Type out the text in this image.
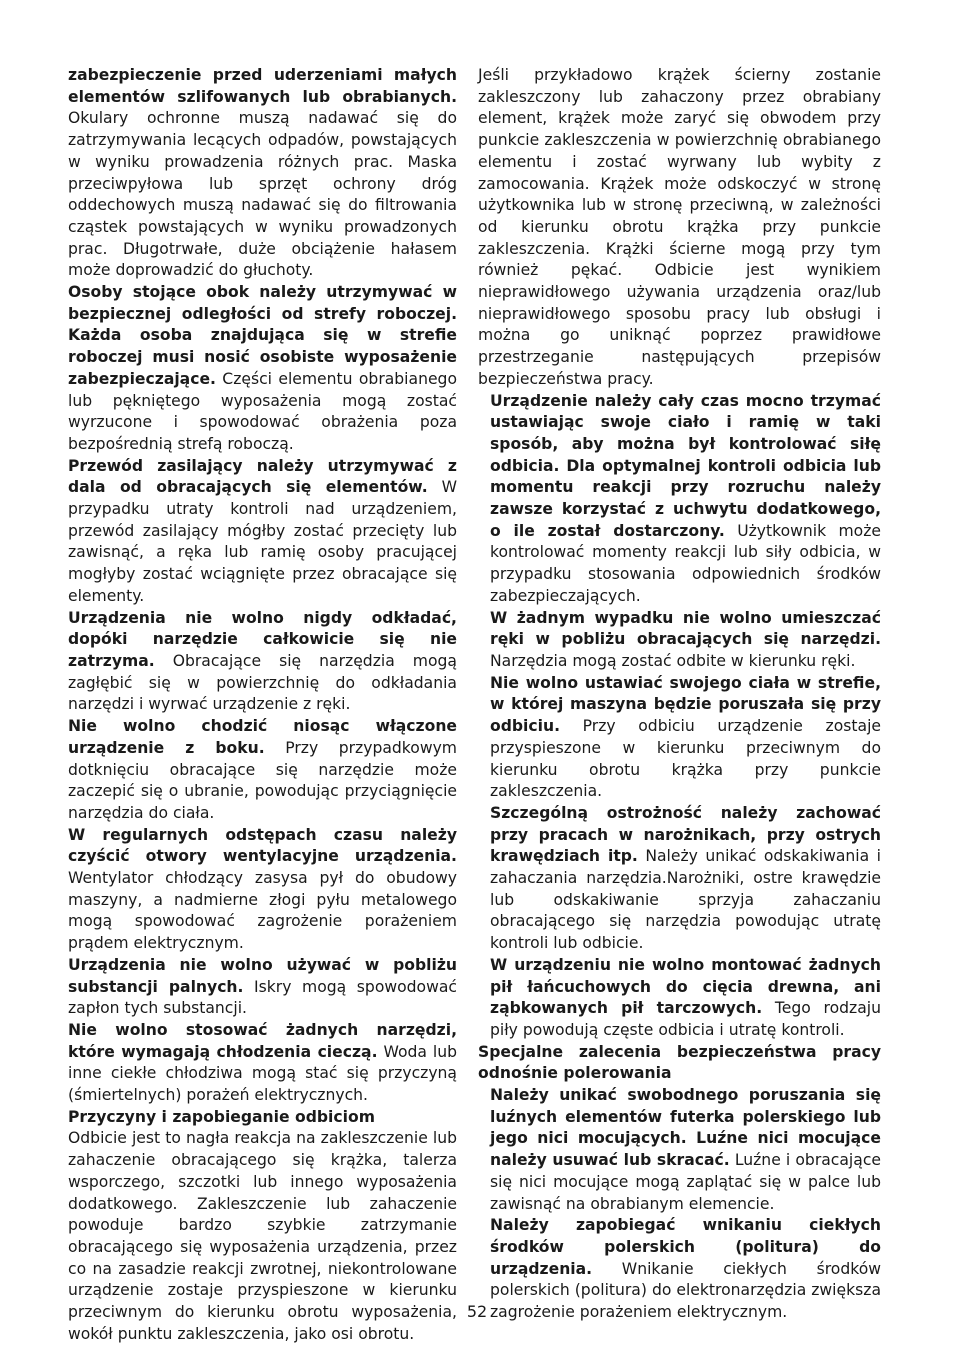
zabezpieczenie przed uderzeniami małych elementów szlifowanych lub obrabianych. Okulary ochronne muszą nadawać się do zatrzymywania lecących odpadów, powstających w wyniku prowadzenia różnych prac. Maska przeciwpyłowa lub sprzęt ochrony dróg oddechowych muszą nadawać się do filtrowania cząstek powstających w wyniku prowadzonych prac. Długotrwałe, duże obciążenie hałasem może doprowadzić do głuchoty.

Osoby stojące obok należy utrzymywać w bezpiecznej odległości od strefy roboczej. Każda osoba znajdująca się w strefie roboczej musi nosić osobiste wyposażenie zabezpieczające. Części elementu obrabianego lub pękniętego wyposażenia mogą zostać wyrzucone i spowodować obrażenia poza bezpośrednią strefą roboczą.

Przewód zasilający należy utrzymywać z dala od obracających się elementów. W przypadku utraty kontroli nad urządzeniem, przewód zasilający mógłby zostać przecięty lub zawisnąć, a ręka lub ramię osoby pracującej mogłyby zostać wciągnięte przez obracające się elementy.

Urządzenia nie wolno nigdy odkładać, dopóki narzędzie całkowicie się nie zatrzyma. Obracające się narzędzia mogą zagłębić się w powierzchnię do odkładania narzędzi i wyrwać urządzenie z ręki.

Nie wolno chodzić niosąc włączone urządzenie z boku. Przy przypadkowym dotknięciu obracające się narzędzie może zaczepić się o ubranie, powodując przyciągnięcie narzędzia do ciała.

W regularnych odstępach czasu należy czyścić otwory wentylacyjne urządzenia. Wentylator chłodzący zasysa pył do obudowy maszyny, a nadmierne złogi pyłu metalowego mogą spowodować zagrożenie porażeniem prądem elektrycznym.

Urządzenia nie wolno używać w pobliżu substancji palnych. Iskry mogą spowodować zapłon tych substancji.

Nie wolno stosować żadnych narzędzi, które wymagają chłodzenia cieczą. Woda lub inne ciekłe chłodziwa mogą stać się przyczyną (śmiertelnych) porażeń elektrycznych.

Przyczyny i zapobieganie odbiciom

Odbicie jest to nagła reakcja na zakleszczenie lub zahaczenie obracającego się krążka, talerza wsporczego, szczotki lub innego wyposażenia dodatkowego. Zakleszczenie lub zahaczenie powoduje bardzo szybkie zatrzymanie obracającego się wyposażenia urządzenia, przez co na zasadzie reakcji zwrotnej, niekontrolowane urządzenie zostaje przyspieszone w kierunku przeciwnym do kierunku obrotu wyposażenia, wokół punktu zakleszczenia, jako osi obrotu.

Jeśli przykładowo krążek ścierny zostanie zakleszczony lub zahaczony przez obrabiany element, krążek może zaryć się obwodem przy punkcie zakleszczenia w powierzchnię obrabianego elementu i zostać wyrwany lub wybity z zamocowania. Krążek może odskoczyć w stronę użytkownika lub w stronę przeciwną, w zależności od kierunku obrotu krążka przy punkcie zakleszczenia. Krążki ścierne mogą przy tym również pękać. Odbicie jest wynikiem nieprawidłowego używania urządzenia oraz/lub nieprawidłowego sposobu pracy lub obsługi i można go uniknąć poprzez prawidłowe przestrzeganie następujących przepisów bezpieczeństwa pracy.

Urządzenie należy cały czas mocno trzymać ustawiając swoje ciało i ramię w taki sposób, aby można był kontrolować siłę odbicia. Dla optymalnej kontroli odbicia lub momentu reakcji przy rozruchu należy zawsze korzystać z uchwytu dodatkowego, o ile został dostarczony. Użytkownik może kontrolować momenty reakcji lub siły odbicia, w przypadku stosowania odpowiednich środków zabezpieczających.

W żadnym wypadku nie wolno umieszczać ręki w pobliżu obracających się narzędzi. Narzędzia mogą zostać odbite w kierunku ręki.

Nie wolno ustawiać swojego ciała w strefie, w której maszyna będzie poruszała się przy odbiciu. Przy odbiciu urządzenie zostaje przyspieszone w kierunku przeciwnym do kierunku obrotu krążka przy punkcie zakleszczenia.

Szczególną ostrożność należy zachować przy pracach w narożnikach, przy ostrych krawędziach itp. Należy unikać odskakiwania i zahaczania narzędzia.Narożniki, ostre krawędzie lub odskakiwanie sprzyja zahaczaniu obracającego się narzędzia powodując utratę kontroli lub odbicie.

W urządzeniu nie wolno montować żadnych pił łańcuchowych do cięcia drewna, ani ząbkowanych pił tarczowych. Tego rodzaju piły powodują częste odbicia i utratę kontroli.

Specjalne zalecenia bezpieczeństwa pracy odnośnie polerowania

Należy unikać swobodnego poruszania się luźnych elementów futerka polerskiego lub jego nici mocujących. Luźne nici mocujące należy usuwać lub skracać. Luźne i obracające się nici mocujące mogą zaplątać się w palce lub zawisnąć na obrabianym elemencie.

Należy zapobiegać wnikaniu ciekłych środków polerskich (politura) do urządzenia. Wnikanie ciekłych środków polerskich (politura) do elektronarzędzia zwiększa zagrożenie porażeniem elektrycznym.

52
